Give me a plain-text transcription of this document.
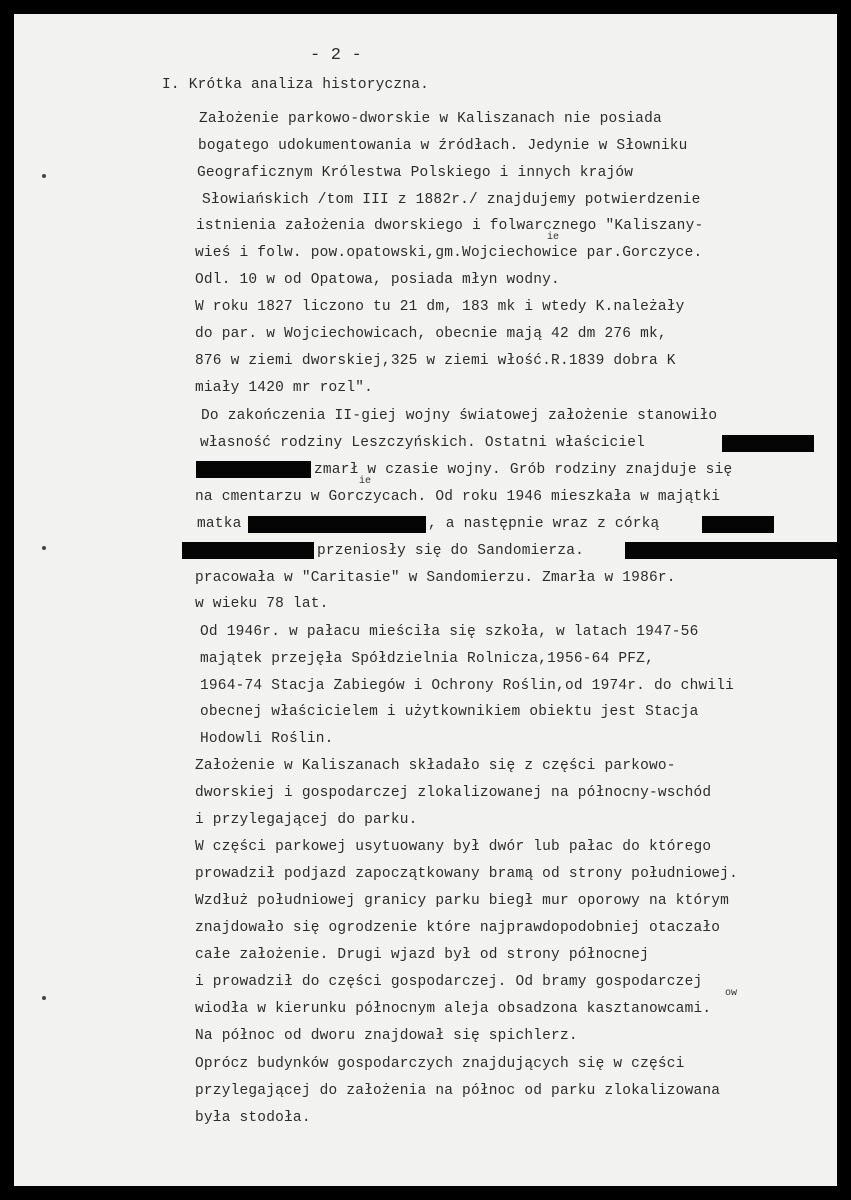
- 2 -
I. Krótka analiza historyczna.
Założenie parkowo-dworskie w Kaliszanach nie posiada
bogatego udokumentowania w źródłach. Jedynie w Słowniku
Geograficznym Królestwa Polskiego i innych krajów
Słowiańskich /tom III z 1882r./ znajdujemy potwierdzenie
istnienia założenia dworskiego i folwarcznego "Kaliszany-
wieś i folw. pow.opatowski,gm.Wojciechowice par.Gorczyce.
ie
Odl. 10 w od Opatowa, posiada młyn wodny.
W roku 1827 liczono tu 21 dm, 183 mk i wtedy K.należały
do par. w Wojciechowicach, obecnie mają 42 dm 276 mk,
876 w ziemi dworskiej,325 w ziemi włość.R.1839 dobra K
miały 1420 mr rozl".
Do zakończenia II-giej wojny światowej założenie stanowiło
własność rodziny Leszczyńskich. Ostatni właściciel
zmarł w czasie wojny. Grób rodziny znajduje się
na cmentarzu w Gorczycach. Od roku 1946 mieszkała w majątki
ie
matka	, a następnie wraz z córką
przeniosły się do Sandomierza.
pracowała w "Caritasie" w Sandomierzu. Zmarła w 1986r.
w wieku 78 lat.
Od 1946r. w pałacu mieściła się szkoła, w latach 1947-56
majątek przejęła Spółdzielnia Rolnicza,1956-64 PFZ,
1964-74 Stacja Zabiegów i Ochrony Roślin,od 1974r. do chwili
obecnej właścicielem i użytkownikiem obiektu jest Stacja
Hodowli Roślin.
Założenie w Kaliszanach składało się z części parkowo-
dworskiej i gospodarczej zlokalizowanej na północny-wschód
i przylegającej do parku.
W części parkowej usytuowany był dwór lub pałac do którego
prowadził podjazd zapoczątkowany bramą od strony południowej.
Wzdłuż południowej granicy parku biegł mur oporowy na którym
znajdowało się ogrodzenie które najprawdopodobniej otaczało
całe założenie. Drugi wjazd był od strony północnej
i prowadził do części gospodarczej. Od bramy gospodarczej
wiodła w kierunku północnym aleja obsadzona kasztanowcami.
ow
Na północ od dworu znajdował się spichlerz.
Oprócz budynków gospodarczych znajdujących się w części
przylegającej do założenia na północ od parku zlokalizowana
była stodoła.
